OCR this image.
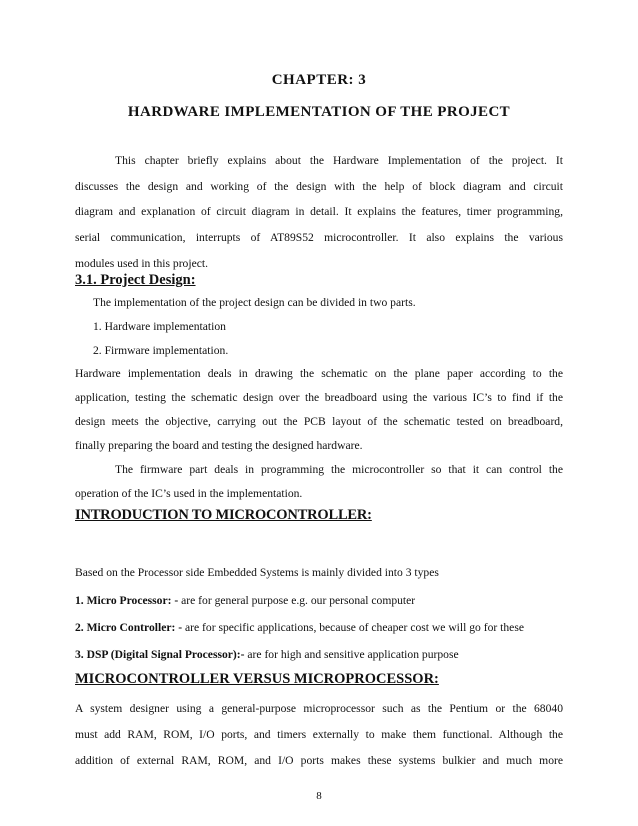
CHAPTER: 3
HARDWARE IMPLEMENTATION OF THE PROJECT
This chapter briefly explains about the Hardware Implementation of the project. It
discusses the design and working of the design with the help of block diagram and circuit
diagram and explanation of circuit diagram in detail. It explains the features, timer programming,
serial communication, interrupts of AT89S52 microcontroller. It also explains the various
modules used in this project.
3.1. Project Design:
The implementation of the project design can be divided in two parts.
1. Hardware implementation
2. Firmware implementation.
Hardware implementation deals in drawing the schematic on the plane paper according to the
application, testing the schematic design over the breadboard using the various IC’s to find if the
design meets the objective, carrying out the PCB layout of the schematic tested on breadboard,
finally preparing the board and testing the designed hardware.
The firmware part deals in programming the microcontroller so that it can control the
operation of the IC’s used in the implementation.
INTRODUCTION TO MICROCONTROLLER:
Based on the Processor side Embedded Systems is mainly divided into 3 types
1. Micro Processor: - are for general purpose e.g. our personal computer
2. Micro Controller: - are for specific applications, because of cheaper cost we will go for these
3. DSP (Digital Signal Processor):- are for high and sensitive application purpose
MICROCONTROLLER VERSUS MICROPROCESSOR:
A system designer using a general-purpose microprocessor such as the Pentium or the 68040
must add RAM, ROM, I/O ports, and timers externally to make them functional. Although the
addition of external RAM, ROM, and I/O ports makes these systems bulkier and much more
8
